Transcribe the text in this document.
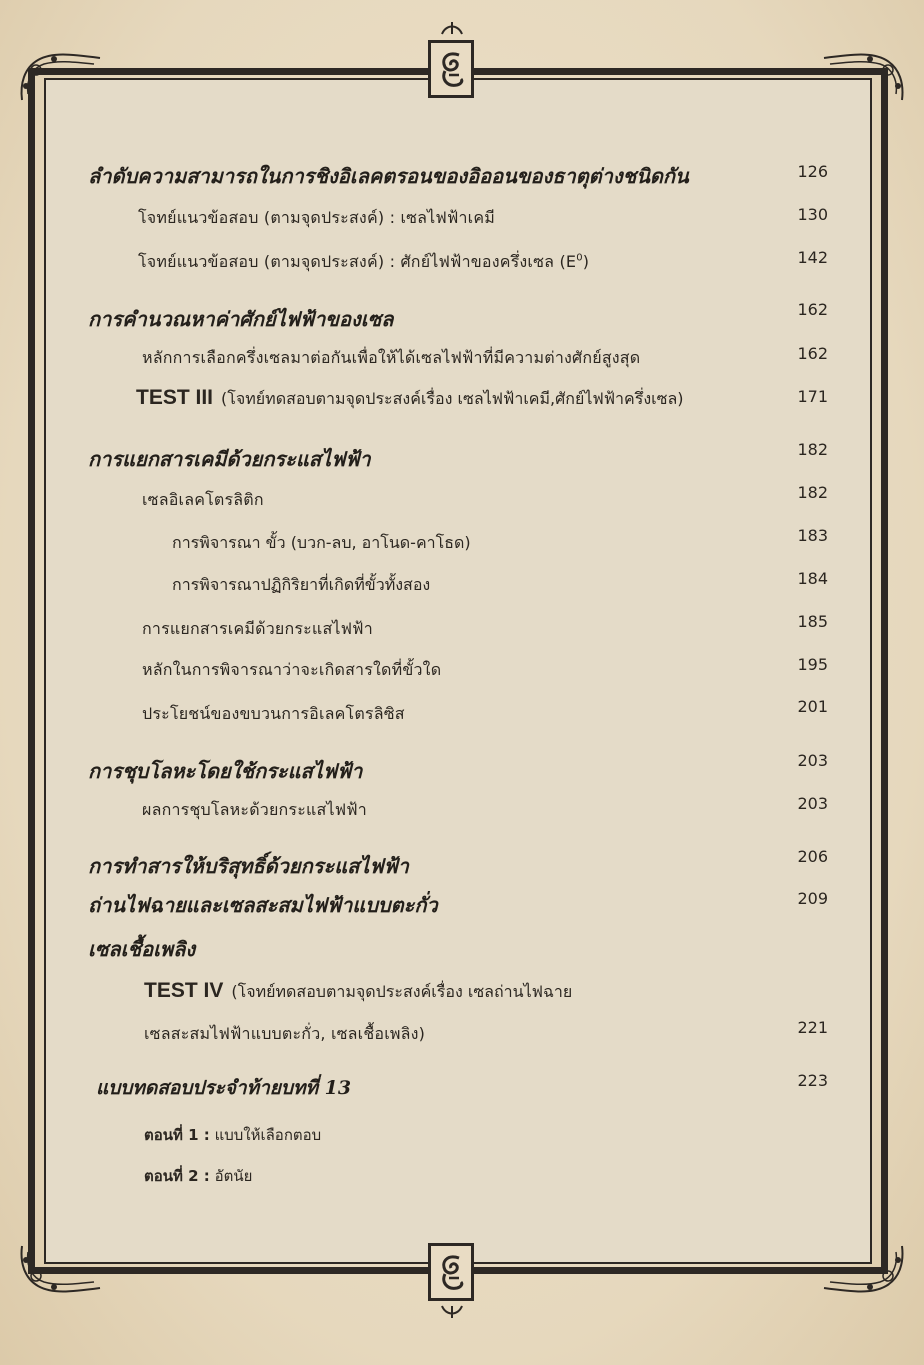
ลำดับความสามารถในการชิงอิเลคตรอนของอิออนของธาตุต่างชนิดกัน	126
โจทย์แนวข้อสอบ (ตามจุดประสงค์) : เซลไฟฟ้าเคมี	130
โจทย์แนวข้อสอบ (ตามจุดประสงค์) : ศักย์ไฟฟ้าของครึ่งเซล $(E^0)$	142
การคำนวณหาค่าศักย์ไฟฟ้าของเซล	162
หลักการเลือกครึ่งเซลมาต่อกันเพื่อให้ได้เซลไฟฟ้าที่มีความต่างศักย์สูงสุด	162
TEST III (โจทย์ทดสอบตามจุดประสงค์เรื่อง เซลไฟฟ้าเคมี,ศักย์ไฟฟ้าครึ่งเซล)	171
การแยกสารเคมีด้วยกระแสไฟฟ้า	182
เซลอิเลคโตรลิติก	182
การพิจารณา ขั้ว (บวก-ลบ, อาโนด-คาโธด)	183
การพิจารณาปฏิกิริยาที่เกิดที่ขั้วทั้งสอง	184
การแยกสารเคมีด้วยกระแสไฟฟ้า	185
หลักในการพิจารณาว่าจะเกิดสารใดที่ขั้วใด	195
ประโยชน์ของขบวนการอิเลคโตรลิซิส	201
การชุบโลหะโดยใช้กระแสไฟฟ้า	203
ผลการชุบโลหะด้วยกระแสไฟฟ้า	203
การทำสารให้บริสุทธิ์ด้วยกระแสไฟฟ้า	206
ถ่านไฟฉายและเซลสะสมไฟฟ้าแบบตะกั่ว	209
เซลเชื้อเพลิง
TEST IV (โจทย์ทดสอบตามจุดประสงค์เรื่อง เซลถ่านไฟฉาย
เซลสะสมไฟฟ้าแบบตะกั่ว, เซลเชื้อเพลิง)	221
แบบทดสอบประจำท้ายบทที่ 13	223
ตอนที่ 1 : แบบให้เลือกตอบ
ตอนที่ 2 : อัตนัย
